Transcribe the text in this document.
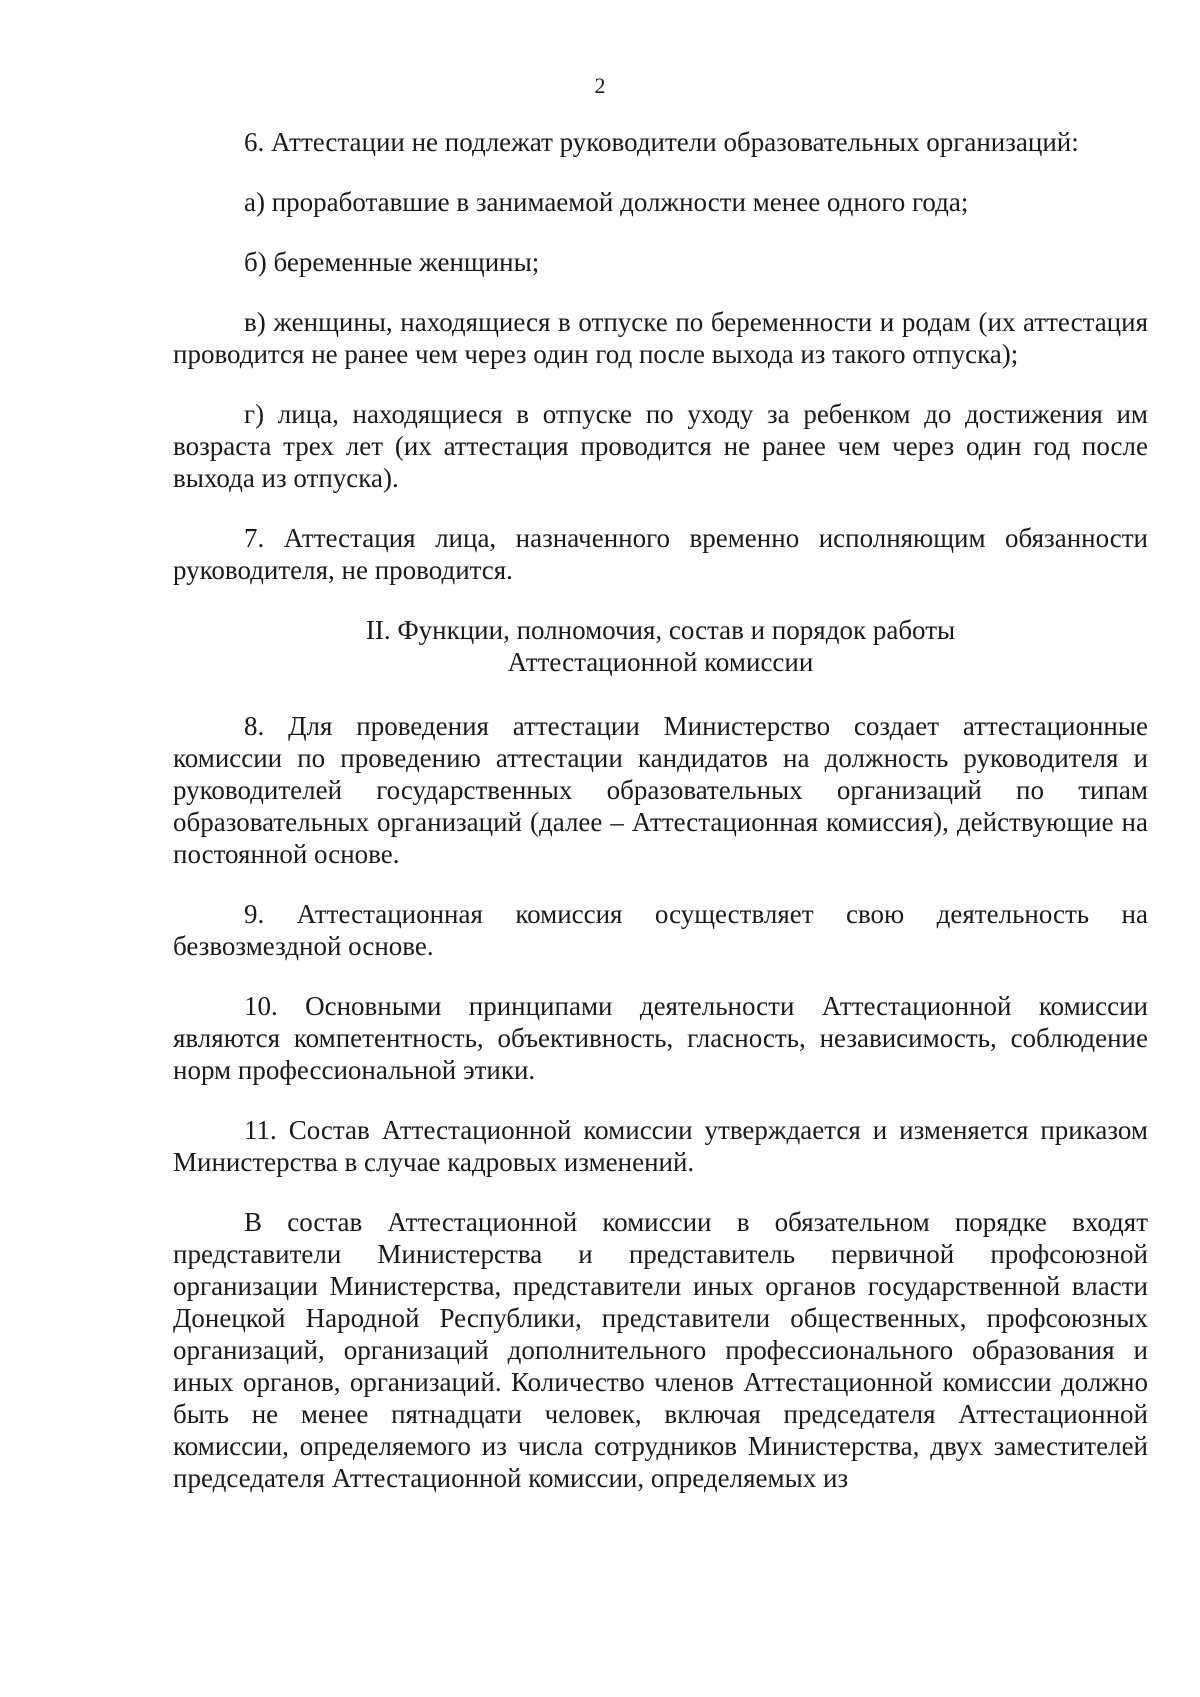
2

6. Аттестации не подлежат руководители образовательных организаций:

а) проработавшие в занимаемой должности менее одного года;

б) беременные женщины;

в) женщины, находящиеся в отпуске по беременности и родам (их аттестация проводится не ранее чем через один год после выхода из такого отпуска);

г) лица, находящиеся в отпуске по уходу за ребенком до достижения им возраста трех лет (их аттестация проводится не ранее чем через один год после выхода из отпуска).

7. Аттестация лица, назначенного временно исполняющим обязанности руководителя, не проводится.

II. Функции, полномочия, состав и порядок работы
Аттестационной комиссии

8. Для проведения аттестации Министерство создает аттестационные комиссии по проведению аттестации кандидатов на должность руководителя и руководителей государственных образовательных организаций по типам образовательных организаций (далее – Аттестационная комиссия), действующие на постоянной основе.

9. Аттестационная комиссия осуществляет свою деятельность на безвозмездной основе.

10. Основными принципами деятельности Аттестационной комиссии являются компетентность, объективность, гласность, независимость, соблюдение норм профессиональной этики.

11. Состав Аттестационной комиссии утверждается и изменяется приказом Министерства в случае кадровых изменений.

В состав Аттестационной комиссии в обязательном порядке входят представители Министерства и представитель первичной профсоюзной организации Министерства, представители иных органов государственной власти Донецкой Народной Республики, представители общественных, профсоюзных организаций, организаций дополнительного профессионального образования и иных органов, организаций. Количество членов Аттестационной комиссии должно быть не менее пятнадцати человек, включая председателя Аттестационной комиссии, определяемого из числа сотрудников Министерства, двух заместителей председателя Аттестационной комиссии, определяемых из
